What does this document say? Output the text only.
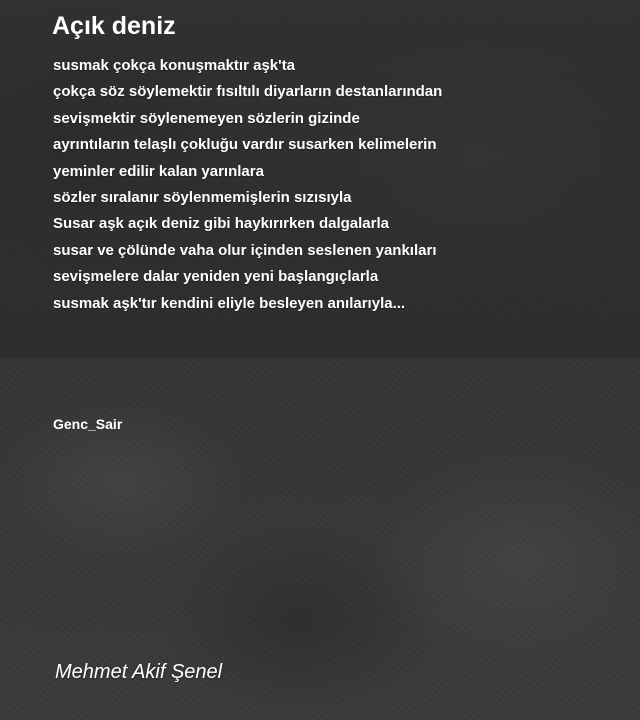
Açık deniz
susmak çokça konuşmaktır aşk'ta
çokça söz söylemektir fısıltılı diyarların destanlarından
sevişmektir söylenemeyen sözlerin gizinde
ayrıntıların telaşlı çokluğu vardır susarken kelimelerin
yeminler edilir kalan yarınlara
sözler sıralanır söylenmemişlerin sızısıyla
Susar aşk açık deniz gibi haykırırken dalgalarla
susar ve çölünde vaha olur içinden seslenen yankıları
sevişmelere dalar yeniden yeni başlangıçlarla
susmak aşk'tır kendini eliyle besleyen anılarıyla...
Genc_Sair
Mehmet Akif Şenel
